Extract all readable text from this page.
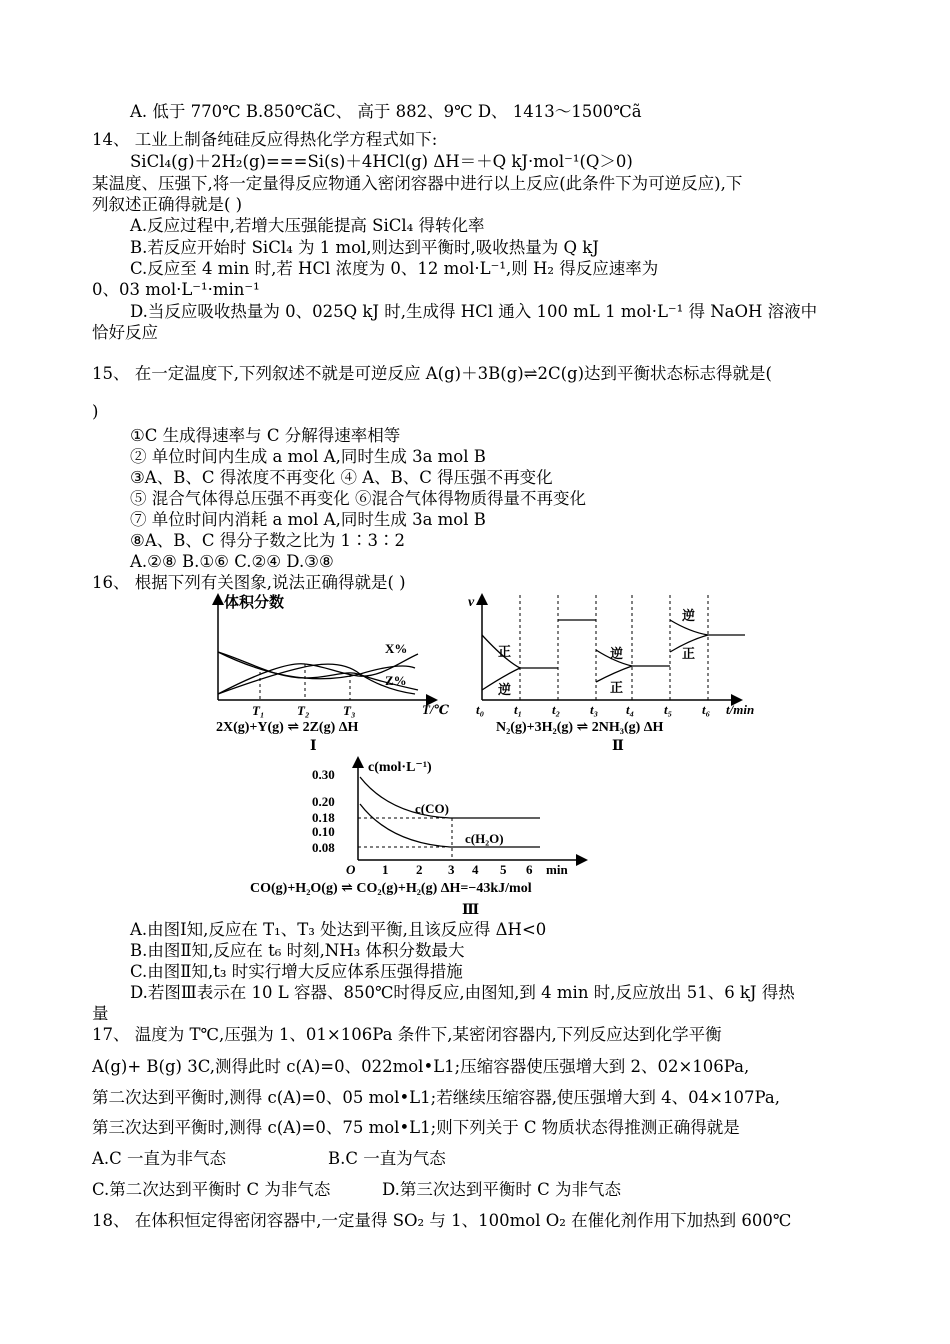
A. 低于 770℃ B.850℃ãC、 高于 882、9℃ D、 1413～1500℃ã
14、 工业上制备纯硅反应得热化学方程式如下:
SiCl₄(g)＋2H₂(g)===Si(s)＋4HCl(g) ΔH＝＋Q kJ·mol⁻¹(Q＞0)
某温度、压强下,将一定量得反应物通入密闭容器中进行以上反应(此条件下为可逆反应),下
列叙述正确得就是( )
A.反应过程中,若增大压强能提高 SiCl₄ 得转化率
B.若反应开始时 SiCl₄ 为 1 mol,则达到平衡时,吸收热量为 Q kJ
C.反应至 4 min 时,若 HCl 浓度为 0、12 mol·L⁻¹,则 H₂ 得反应速率为
0、03 mol·L⁻¹·min⁻¹
D.当反应吸收热量为 0、025Q kJ 时,生成得 HCl 通入 100 mL 1 mol·L⁻¹ 得 NaOH 溶液中
恰好反应
15、 在一定温度下,下列叙述不就是可逆反应 A(g)＋3B(g)⇌2C(g)达到平衡状态标志得就是(
)
①C 生成得速率与 C 分解得速率相等
② 单位时间内生成 a mol A,同时生成 3a mol B
③A、B、C 得浓度不再变化 ④ A、B、C 得压强不再变化
⑤ 混合气体得总压强不再变化 ⑥混合气体得物质得量不再变化
⑦ 单位时间内消耗 a mol A,同时生成 3a mol B
⑧A、B、C 得分子数之比为 1∶3∶2
A.②⑧ B.①⑥ C.②④ D.③⑧
16、 根据下列有关图象,说法正确得就是( )
体积分数
X%
Z%
T₁	T₂	T₃	T/℃
2X(g)+Y(g) ⇌ 2Z(g) ΔH
Ⅰ
v
正
逆
逆
正
逆
正
t₀ t₁ t₂ t₃ t₄ t₅ t₆ t/min
N₂(g)+3H₂(g) ⇌ 2NH₃(g) ΔH
Ⅱ
c(mol·L⁻¹)
0.30
0.20
0.18
0.10
0.08
c(CO)
c(H₂O)
O 1 2 3 4 5 6 min
CO(g)+H₂O(g) ⇌ CO₂(g)+H₂(g) ΔH=−43kJ/mol
Ⅲ
A.由图Ⅰ知,反应在 T₁、T₃ 处达到平衡,且该反应得 ΔH<0
B.由图Ⅱ知,反应在 t₆ 时刻,NH₃ 体积分数最大
C.由图Ⅱ知,t₃ 时实行增大反应体系压强得措施
D.若图Ⅲ表示在 10 L 容器、850℃时得反应,由图知,到 4 min 时,反应放出 51、6 kJ 得热
量
17、 温度为 T℃,压强为 1、01×106Pa 条件下,某密闭容器内,下列反应达到化学平衡
A(g)+ B(g) 3C,测得此时 c(A)=0、022mol•L1;压缩容器使压强增大到 2、02×106Pa,
第二次达到平衡时,测得 c(A)=0、05 mol•L1;若继续压缩容器,使压强增大到 4、04×107Pa,
第三次达到平衡时,测得 c(A)=0、75 mol•L1;则下列关于 C 物质状态得推测正确得就是
A.C 一直为非气态	B.C 一直为气态
C.第二次达到平衡时 C 为非气态	D.第三次达到平衡时 C 为非气态
18、 在体积恒定得密闭容器中,一定量得 SO₂ 与 1、100mol O₂ 在催化剂作用下加热到 600℃
